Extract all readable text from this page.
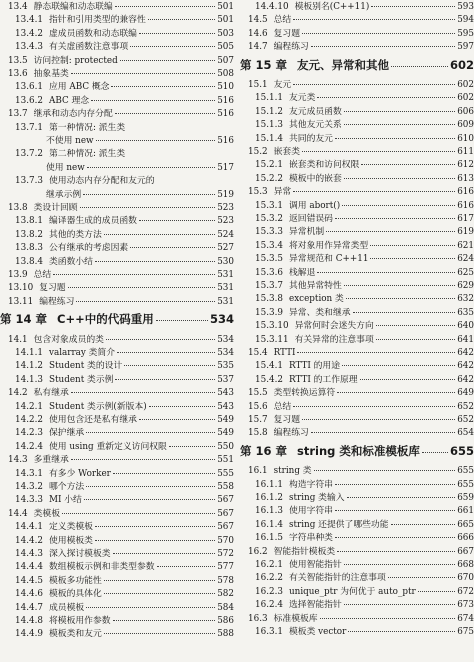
13.4 静态联编和动态联编	501
13.4.1 指针和引用类型的兼容性	501
13.4.2 虚成员函数和动态联编	503
13.4.3 有关虚函数注意事项	505
13.5 访问控制: protected	507
13.6 抽象基类	508
13.6.1 应用 ABC 概念	510
13.6.2 ABC 理念	516
13.7 继承和动态内存分配	516
13.7.1 第一种情况: 派生类
不使用 new	516
13.7.2 第二种情况: 派生类
使用 new	517
13.7.3 使用动态内存分配和友元的
继承示例	519
13.8 类设计回顾	523
13.8.1 编译器生成的成员函数	523
13.8.2 其他的类方法	524
13.8.3 公有继承的考虑因素	527
13.8.4 类函数小结	530
13.9 总结	531
13.10 复习题	531
13.11 编程练习	531
第 14 章 C++中的代码重用	534
14.1 包含对象成员的类	534
14.1.1 valarray 类简介	534
14.1.2 Student 类的设计	535
14.1.3 Student 类示例	537
14.2 私有继承	543
14.2.1 Student 类示例(新版本)	543
14.2.2 使用包含还是私有继承	549
14.2.3 保护继承	549
14.2.4 使用 using 重新定义访问权限	550
14.3 多重继承	551
14.3.1 有多少 Worker	555
14.3.2 哪个方法	558
14.3.3 MI 小结	567
14.4 类模板	567
14.4.1 定义类模板	567
14.4.2 使用模板类	570
14.4.3 深入探讨模板类	572
14.4.4 数组模板示例和非类型参数	577
14.4.5 模板多功能性	578
14.4.6 模板的具体化	582
14.4.7 成员模板	584
14.4.8 将模板用作参数	586
14.4.9 模板类和友元	588
14.4.10 模板别名(C++11)	593
14.5 总结	594
14.6 复习题	595
14.7 编程练习	597
第 15 章 友元、异常和其他	602
15.1 友元	602
15.1.1 友元类	602
15.1.2 友元成员函数	606
15.1.3 其他友元关系	609
15.1.4 共同的友元	610
15.2 嵌套类	611
15.2.1 嵌套类和访问权限	612
15.2.2 模板中的嵌套	613
15.3 异常	616
15.3.1 调用 abort()	616
15.3.2 返回错误码	617
15.3.3 异常机制	619
15.3.4 将对象用作异常类型	621
15.3.5 异常规范和 C++11	624
15.3.6 栈解退	625
15.3.7 其他异常特性	629
15.3.8 exception 类	632
15.3.9 异常、类和继承	635
15.3.10 异常何时会迷失方向	640
15.3.11 有关异常的注意事项	641
15.4 RTTI	642
15.4.1 RTTI 的用途	642
15.4.2 RTTI 的工作原理	642
15.5 类型转换运算符	649
15.6 总结	652
15.7 复习题	652
15.8 编程练习	654
第 16 章 string 类和标准模板库	655
16.1 string 类	655
16.1.1 构造字符串	655
16.1.2 string 类输入	659
16.1.3 使用字符串	661
16.1.4 string 还提供了哪些功能	665
16.1.5 字符串种类	666
16.2 智能指针模板类	667
16.2.1 使用智能指针	668
16.2.2 有关智能指针的注意事项	670
16.2.3 unique_ptr 为何优于 auto_ptr	672
16.2.4 选择智能指针	673
16.3 标准模板库	674
16.3.1 模板类 vector	675
